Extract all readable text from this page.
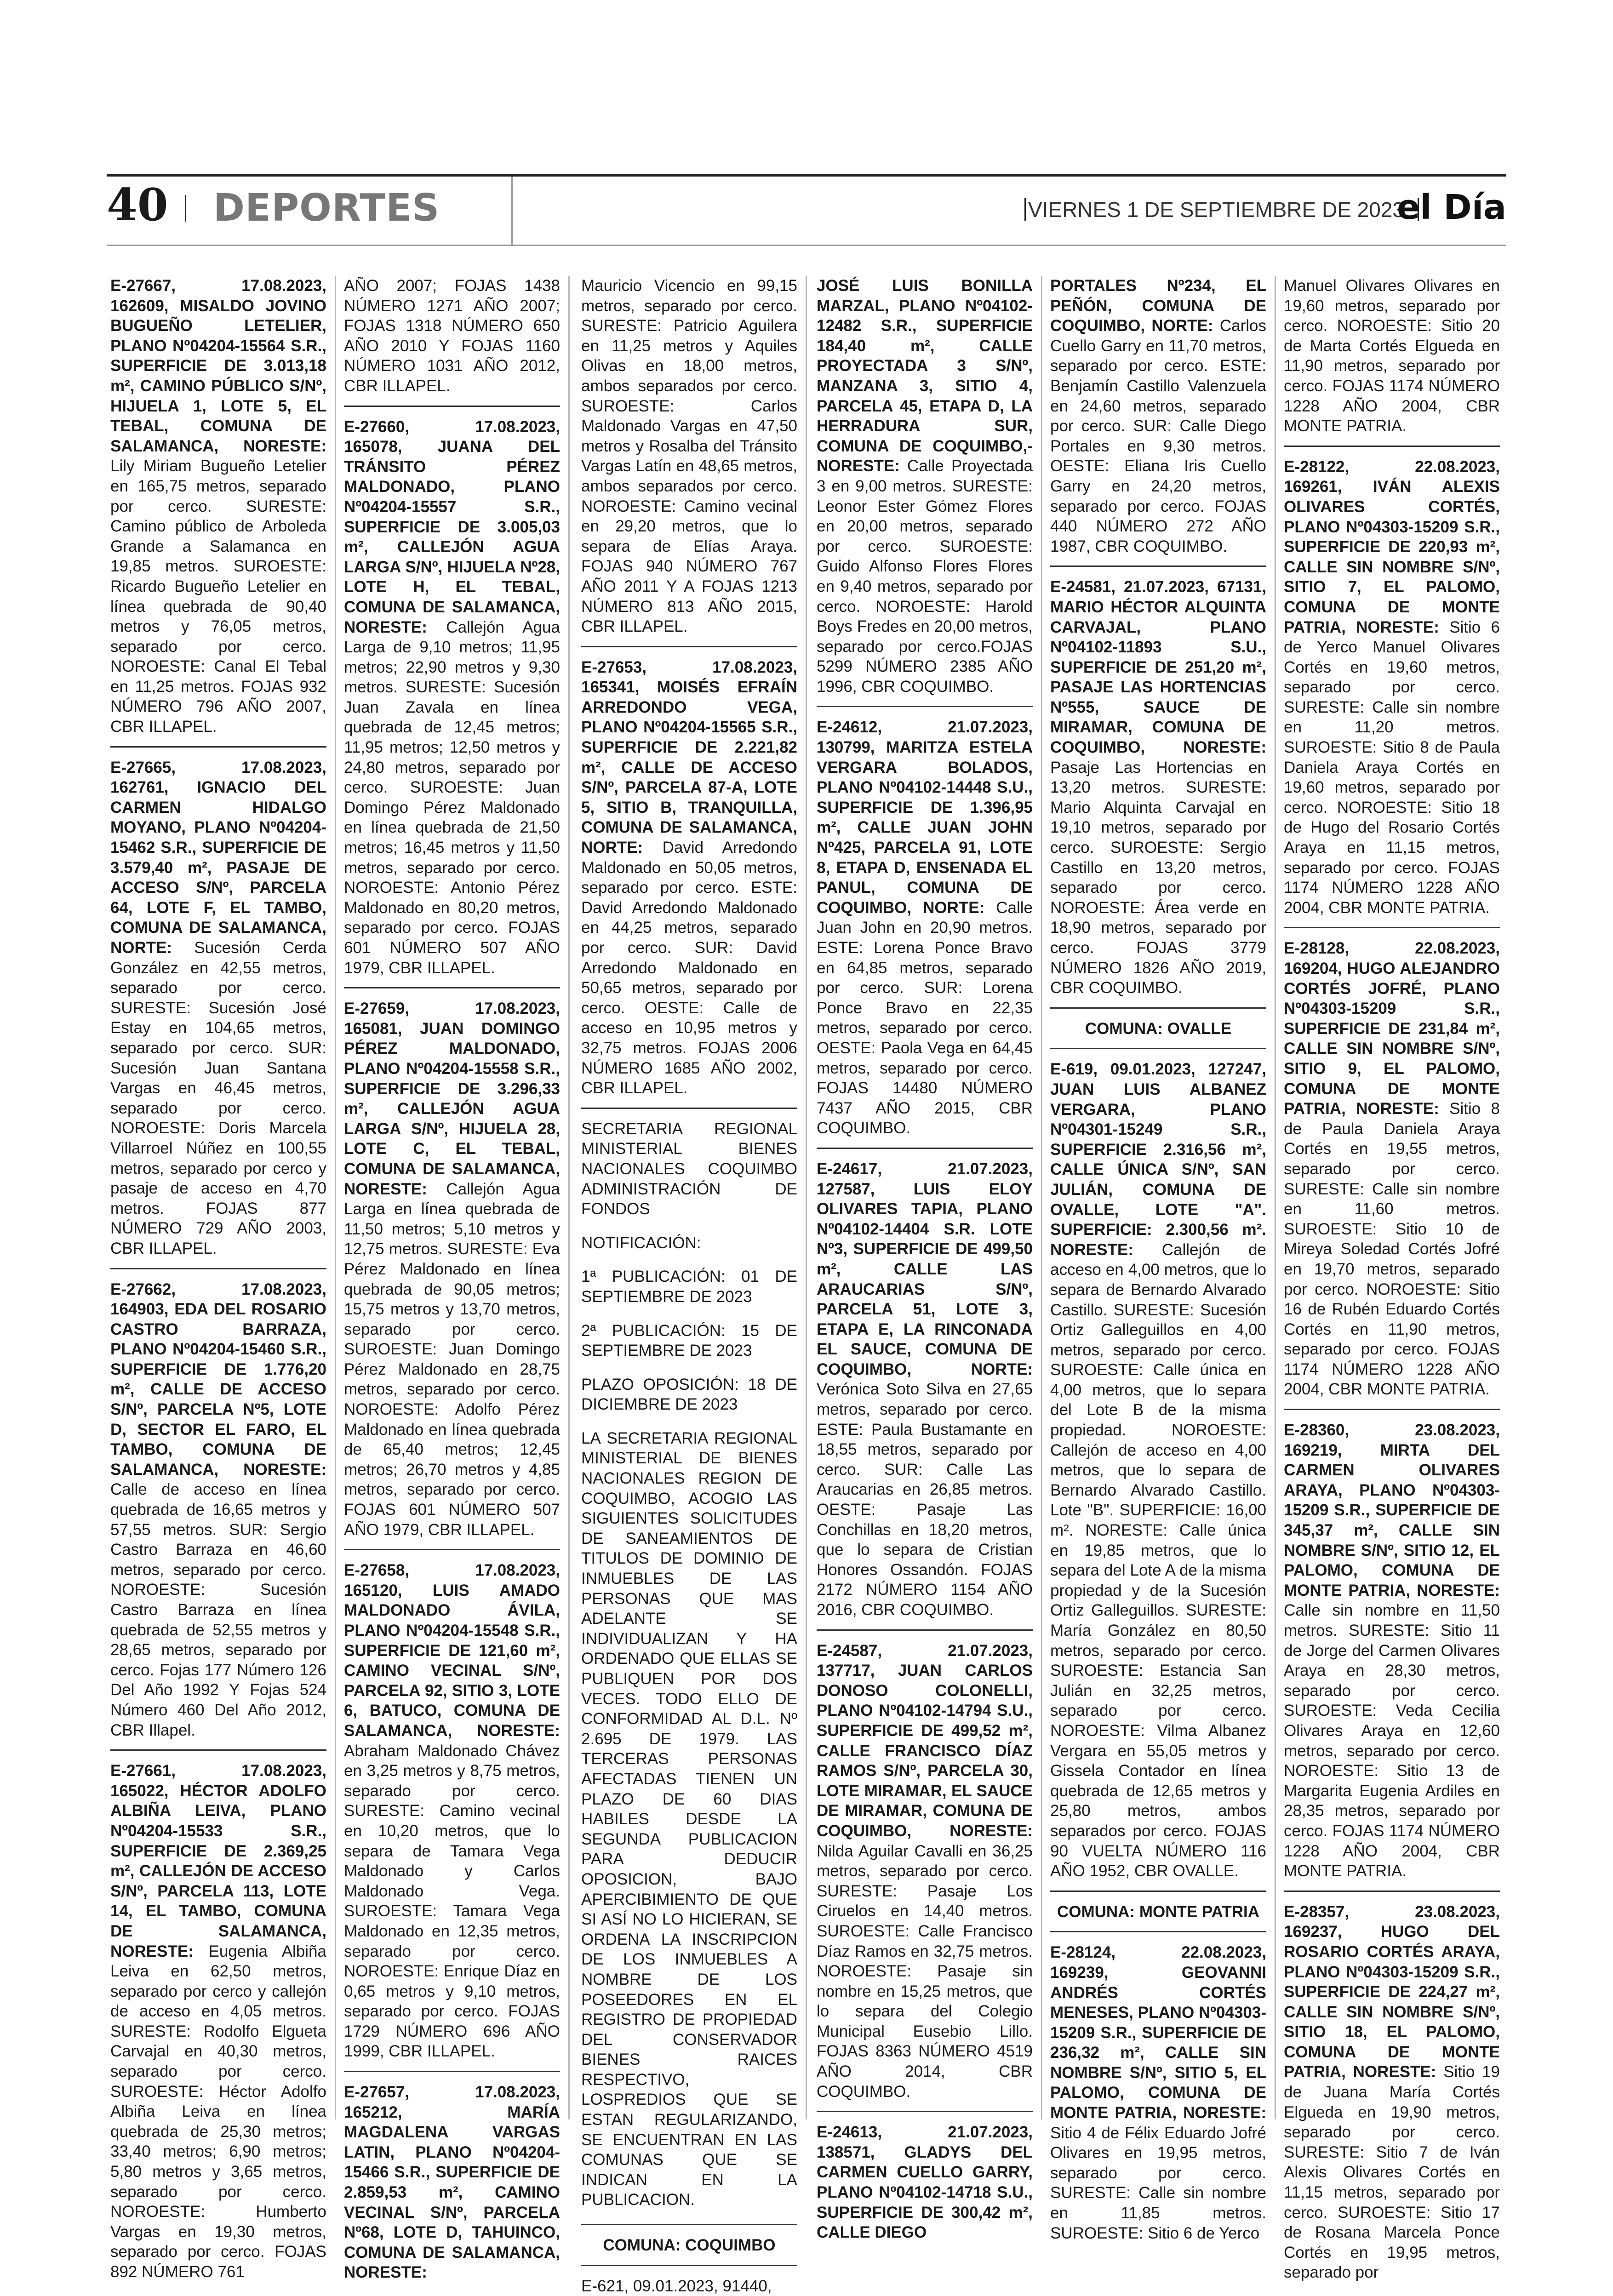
40 DEPORTES	VIERNES 1 DE SEPTIEMBRE DE 2023
el Día

E-27667, 17.08.2023, 162609, MISALDO JOVINO BUGUEÑO LETELIER, PLANO Nº04204-15564 S.R., SUPERFICIE DE 3.013,18 m², CAMINO PÚBLICO S/Nº, HIJUELA 1, LOTE 5, EL TEBAL, COMUNA DE SALAMANCA, NORESTE: Lily Miriam Bugueño Letelier en 165,75 metros, separado por cerco. SURESTE: Camino público de Arboleda Grande a Salamanca en 19,85 metros. SUROESTE: Ricardo Bugueño Letelier en línea quebrada de 90,40 metros y 76,05 metros, separado por cerco. NOROESTE: Canal El Tebal en 11,25 metros. FOJAS 932 NÚMERO 796 AÑO 2007, CBR ILLAPEL.

E-27665, 17.08.2023, 162761, IGNACIO DEL CARMEN HIDALGO MOYANO, PLANO Nº04204-15462 S.R., SUPERFICIE DE 3.579,40 m², PASAJE DE ACCESO S/Nº, PARCELA 64, LOTE F, EL TAMBO, COMUNA DE SALAMANCA, NORTE: Sucesión Cerda González en 42,55 metros, separado por cerco. SURESTE: Sucesión José Estay en 104,65 metros, separado por cerco. SUR: Sucesión Juan Santana Vargas en 46,45 metros, separado por cerco. NOROESTE: Doris Marcela Villarroel Núñez en 100,55 metros, separado por cerco y pasaje de acceso en 4,70 metros. FOJAS 877 NÚMERO 729 AÑO 2003, CBR ILLAPEL.

E-27662, 17.08.2023, 164903, EDA DEL ROSARIO CASTRO BARRAZA, PLANO Nº04204-15460 S.R., SUPERFICIE DE 1.776,20 m², CALLE DE ACCESO S/Nº, PARCELA Nº5, LOTE D, SECTOR EL FARO, EL TAMBO, COMUNA DE SALAMANCA, NORESTE: Calle de acceso en línea quebrada de 16,65 metros y 57,55 metros. SUR: Sergio Castro Barraza en 46,60 metros, separado por cerco. NOROESTE: Sucesión Castro Barraza en línea quebrada de 52,55 metros y 28,65 metros, separado por cerco. Fojas 177 Número 126 Del Año 1992 Y Fojas 524 Número 460 Del Año 2012, CBR Illapel.

E-27661, 17.08.2023, 165022, HÉCTOR ADOLFO ALBIÑA LEIVA, PLANO Nº04204-15533 S.R., SUPERFICIE DE 2.369,25 m², CALLEJÓN DE ACCESO S/Nº, PARCELA 113, LOTE 14, EL TAMBO, COMUNA DE SALAMANCA, NORESTE: Eugenia Albiña Leiva en 62,50 metros, separado por cerco y callejón de acceso en 4,05 metros. SURESTE: Rodolfo Elgueta Carvajal en 40,30 metros, separado por cerco. SUROESTE: Héctor Adolfo Albiña Leiva en línea quebrada de 25,30 metros; 33,40 metros; 6,90 metros; 5,80 metros y 3,65 metros, separado por cerco. NOROESTE: Humberto Vargas en 19,30 metros, separado por cerco. FOJAS 892 NÚMERO 761

AÑO 2007; FOJAS 1438 NÚMERO 1271 AÑO 2007; FOJAS 1318 NÚMERO 650 AÑO 2010 Y FOJAS 1160 NÚMERO 1031 AÑO 2012, CBR ILLAPEL.

E-27660, 17.08.2023, 165078, JUANA DEL TRÁNSITO PÉREZ MALDONADO, PLANO Nº04204-15557 S.R., SUPERFICIE DE 3.005,03 m², CALLEJÓN AGUA LARGA S/Nº, HIJUELA Nº28, LOTE H, EL TEBAL, COMUNA DE SALAMANCA, NORESTE: Callejón Agua Larga de 9,10 metros; 11,95 metros; 22,90 metros y 9,30 metros. SURESTE: Sucesión Juan Zavala en línea quebrada de 12,45 metros; 11,95 metros; 12,50 metros y 24,80 metros, separado por cerco. SUROESTE: Juan Domingo Pérez Maldonado en línea quebrada de 21,50 metros; 16,45 metros y 11,50 metros, separado por cerco. NOROESTE: Antonio Pérez Maldonado en 80,20 metros, separado por cerco. FOJAS 601 NÚMERO 507 AÑO 1979, CBR ILLAPEL.

E-27659, 17.08.2023, 165081, JUAN DOMINGO PÉREZ MALDONADO, PLANO Nº04204-15558 S.R., SUPERFICIE DE 3.296,33 m², CALLEJÓN AGUA LARGA S/Nº, HIJUELA 28, LOTE C, EL TEBAL, COMUNA DE SALAMANCA, NORESTE: Callejón Agua Larga en línea quebrada de 11,50 metros; 5,10 metros y 12,75 metros. SURESTE: Eva Pérez Maldonado en línea quebrada de 90,05 metros; 15,75 metros y 13,70 metros, separado por cerco. SUROESTE: Juan Domingo Pérez Maldonado en 28,75 metros, separado por cerco. NOROESTE: Adolfo Pérez Maldonado en línea quebrada de 65,40 metros; 12,45 metros; 26,70 metros y 4,85 metros, separado por cerco. FOJAS 601 NÚMERO 507 AÑO 1979, CBR ILLAPEL.

E-27658, 17.08.2023, 165120, LUIS AMADO MALDONADO ÁVILA, PLANO Nº04204-15548 S.R., SUPERFICIE DE 121,60 m², CAMINO VECINAL S/Nº, PARCELA 92, SITIO 3, LOTE 6, BATUCO, COMUNA DE SALAMANCA, NORESTE: Abraham Maldonado Chávez en 3,25 metros y 8,75 metros, separado por cerco. SURESTE: Camino vecinal en 10,20 metros, que lo separa de Tamara Vega Maldonado y Carlos Maldonado Vega. SUROESTE: Tamara Vega Maldonado en 12,35 metros, separado por cerco. NOROESTE: Enrique Díaz en 0,65 metros y 9,10 metros, separado por cerco. FOJAS 1729 NÚMERO 696 AÑO 1999, CBR ILLAPEL.

E-27657, 17.08.2023, 165212, MARÍA MAGDALENA VARGAS LATIN, PLANO Nº04204-15466 S.R., SUPERFICIE DE 2.859,53 m², CAMINO VECINAL S/Nº, PARCELA Nº68, LOTE D, TAHUINCO, COMUNA DE SALAMANCA, NORESTE:

Mauricio Vicencio en 99,15 metros, separado por cerco. SURESTE: Patricio Aguilera en 11,25 metros y Aquiles Olivas en 18,00 metros, ambos separados por cerco. SUROESTE: Carlos Maldonado Vargas en 47,50 metros y Rosalba del Tránsito Vargas Latín en 48,65 metros, ambos separados por cerco. NOROESTE: Camino vecinal en 29,20 metros, que lo separa de Elías Araya. FOJAS 940 NÚMERO 767 AÑO 2011 Y A FOJAS 1213 NÚMERO 813 AÑO 2015, CBR ILLAPEL.

E-27653, 17.08.2023, 165341, MOISÉS EFRAÍN ARREDONDO VEGA, PLANO Nº04204-15565 S.R., SUPERFICIE DE 2.221,82 m², CALLE DE ACCESO S/Nº, PARCELA 87-A, LOTE 5, SITIO B, TRANQUILLA, COMUNA DE SALAMANCA, NORTE: David Arredondo Maldonado en 50,05 metros, separado por cerco. ESTE: David Arredondo Maldonado en 44,25 metros, separado por cerco. SUR: David Arredondo Maldonado en 50,65 metros, separado por cerco. OESTE: Calle de acceso en 10,95 metros y 32,75 metros. FOJAS 2006 NÚMERO 1685 AÑO 2002, CBR ILLAPEL.

SECRETARIA REGIONAL MINISTERIAL BIENES NACIONALES COQUIMBO ADMINISTRACIÓN DE FONDOS

NOTIFICACIÓN:

1ª PUBLICACIÓN: 01 DE SEPTIEMBRE DE 2023

2ª PUBLICACIÓN: 15 DE SEPTIEMBRE DE 2023

PLAZO OPOSICIÓN: 18 DE DICIEMBRE DE 2023

LA SECRETARIA REGIONAL MINISTERIAL DE BIENES NACIONALES REGION DE COQUIMBO, ACOGIO LAS SIGUIENTES SOLICITUDES DE SANEAMIENTOS DE TITULOS DE DOMINIO DE INMUEBLES DE LAS PERSONAS QUE MAS ADELANTE SE INDIVIDUALIZAN Y HA ORDENADO QUE ELLAS SE PUBLIQUEN POR DOS VECES. TODO ELLO DE CONFORMIDAD AL D.L. Nº 2.695 DE 1979. LAS TERCERAS PERSONAS AFECTADAS TIENEN UN PLAZO DE 60 DIAS HABILES DESDE LA SEGUNDA PUBLICACION PARA DEDUCIR OPOSICION, BAJO APERCIBIMIENTO DE QUE SI ASÍ NO LO HICIERAN, SE ORDENA LA INSCRIPCION DE LOS INMUEBLES A NOMBRE DE LOS POSEEDORES EN EL REGISTRO DE PROPIEDAD DEL CONSERVADOR BIENES RAICES RESPECTIVO, LOSPREDIOS QUE SE ESTAN REGULARIZANDO, SE ENCUENTRAN EN LAS COMUNAS QUE SE INDICAN EN LA PUBLICACION.

COMUNA: COQUIMBO

E-621, 09.01.2023, 91440,

JOSÉ LUIS BONILLA MARZAL, PLANO Nº04102-12482 S.R., SUPERFICIE 184,40 m², CALLE PROYECTADA 3 S/Nº, MANZANA 3, SITIO 4, PARCELA 45, ETAPA D, LA HERRADURA SUR, COMUNA DE COQUIMBO,- NORESTE: Calle Proyectada 3 en 9,00 metros. SURESTE: Leonor Ester Gómez Flores en 20,00 metros, separado por cerco. SUROESTE: Guido Alfonso Flores Flores en 9,40 metros, separado por cerco. NOROESTE: Harold Boys Fredes en 20,00 metros, separado por cerco.FOJAS 5299 NÚMERO 2385 AÑO 1996, CBR COQUIMBO.

E-24612, 21.07.2023, 130799, MARITZA ESTELA VERGARA BOLADOS, PLANO Nº04102-14448 S.U., SUPERFICIE DE 1.396,95 m², CALLE JUAN JOHN Nº425, PARCELA 91, LOTE 8, ETAPA D, ENSENADA EL PANUL, COMUNA DE COQUIMBO, NORTE: Calle Juan John en 20,90 metros. ESTE: Lorena Ponce Bravo en 64,85 metros, separado por cerco. SUR: Lorena Ponce Bravo en 22,35 metros, separado por cerco. OESTE: Paola Vega en 64,45 metros, separado por cerco. FOJAS 14480 NÚMERO 7437 AÑO 2015, CBR COQUIMBO.

E-24617, 21.07.2023, 127587, LUIS ELOY OLIVARES TAPIA, PLANO Nº04102-14404 S.R. LOTE Nº3, SUPERFICIE DE 499,50 m², CALLE LAS ARAUCARIAS S/Nº, PARCELA 51, LOTE 3, ETAPA E, LA RINCONADA EL SAUCE, COMUNA DE COQUIMBO, NORTE: Verónica Soto Silva en 27,65 metros, separado por cerco. ESTE: Paula Bustamante en 18,55 metros, separado por cerco. SUR: Calle Las Araucarias en 26,85 metros. OESTE: Pasaje Las Conchillas en 18,20 metros, que lo separa de Cristian Honores Ossandón. FOJAS 2172 NÚMERO 1154 AÑO 2016, CBR COQUIMBO.

E-24587, 21.07.2023, 137717, JUAN CARLOS DONOSO COLONELLI, PLANO Nº04102-14794 S.U., SUPERFICIE DE 499,52 m², CALLE FRANCISCO DÍAZ RAMOS S/Nº, PARCELA 30, LOTE MIRAMAR, EL SAUCE DE MIRAMAR, COMUNA DE COQUIMBO, NORESTE: Nilda Aguilar Cavalli en 36,25 metros, separado por cerco. SURESTE: Pasaje Los Ciruelos en 14,40 metros. SUROESTE: Calle Francisco Díaz Ramos en 32,75 metros. NOROESTE: Pasaje sin nombre en 15,25 metros, que lo separa del Colegio Municipal Eusebio Lillo. FOJAS 8363 NÚMERO 4519 AÑO 2014, CBR COQUIMBO.

E-24613, 21.07.2023, 138571, GLADYS DEL CARMEN CUELLO GARRY, PLANO Nº04102-14718 S.U., SUPERFICIE DE 300,42 m², CALLE DIEGO

PORTALES Nº234, EL PEÑÓN, COMUNA DE COQUIMBO, NORTE: Carlos Cuello Garry en 11,70 metros, separado por cerco. ESTE: Benjamín Castillo Valenzuela en 24,60 metros, separado por cerco. SUR: Calle Diego Portales en 9,30 metros. OESTE: Eliana Iris Cuello Garry en 24,20 metros, separado por cerco. FOJAS 440 NÚMERO 272 AÑO 1987, CBR COQUIMBO.

E-24581, 21.07.2023, 67131, MARIO HÉCTOR ALQUINTA CARVAJAL, PLANO Nº04102-11893 S.U., SUPERFICIE DE 251,20 m², PASAJE LAS HORTENCIAS Nº555, SAUCE DE MIRAMAR, COMUNA DE COQUIMBO, NORESTE: Pasaje Las Hortencias en 13,20 metros. SURESTE: Mario Alquinta Carvajal en 19,10 metros, separado por cerco. SUROESTE: Sergio Castillo en 13,20 metros, separado por cerco. NOROESTE: Área verde en 18,90 metros, separado por cerco. FOJAS 3779 NÚMERO 1826 AÑO 2019, CBR COQUIMBO.

COMUNA: OVALLE

E-619, 09.01.2023, 127247, JUAN LUIS ALBANEZ VERGARA, PLANO Nº04301-15249 S.R., SUPERFICIE 2.316,56 m², CALLE ÚNICA S/Nº, SAN JULIÁN, COMUNA DE OVALLE, LOTE "A". SUPERFICIE: 2.300,56 m². NORESTE: Callejón de acceso en 4,00 metros, que lo separa de Bernardo Alvarado Castillo. SURESTE: Sucesión Ortiz Galleguillos en 4,00 metros, separado por cerco. SUROESTE: Calle única en 4,00 metros, que lo separa del Lote B de la misma propiedad. NOROESTE: Callejón de acceso en 4,00 metros, que lo separa de Bernardo Alvarado Castillo. Lote "B". SUPERFICIE: 16,00 m². NORESTE: Calle única en 19,85 metros, que lo separa del Lote A de la misma propiedad y de la Sucesión Ortiz Galleguillos. SURESTE: María González en 80,50 metros, separado por cerco. SUROESTE: Estancia San Julián en 32,25 metros, separado por cerco. NOROESTE: Vilma Albanez Vergara en 55,05 metros y Gissela Contador en línea quebrada de 12,65 metros y 25,80 metros, ambos separados por cerco. FOJAS 90 VUELTA NÚMERO 116 AÑO 1952, CBR OVALLE.

COMUNA: MONTE PATRIA

E-28124, 22.08.2023, 169239, GEOVANNI ANDRÉS CORTÉS MENESES, PLANO Nº04303-15209 S.R., SUPERFICIE DE 236,32 m², CALLE SIN NOMBRE S/Nº, SITIO 5, EL PALOMO, COMUNA DE MONTE PATRIA, NORESTE: Sitio 4 de Félix Eduardo Jofré Olivares en 19,95 metros, separado por cerco. SURESTE: Calle sin nombre en 11,85 metros. SUROESTE: Sitio 6 de Yerco

Manuel Olivares Olivares en 19,60 metros, separado por cerco. NOROESTE: Sitio 20 de Marta Cortés Elgueda en 11,90 metros, separado por cerco. FOJAS 1174 NÚMERO 1228 AÑO 2004, CBR MONTE PATRIA.

E-28122, 22.08.2023, 169261, IVÁN ALEXIS OLIVARES CORTÉS, PLANO Nº04303-15209 S.R., SUPERFICIE DE 220,93 m², CALLE SIN NOMBRE S/Nº, SITIO 7, EL PALOMO, COMUNA DE MONTE PATRIA, NORESTE: Sitio 6 de Yerco Manuel Olivares Cortés en 19,60 metros, separado por cerco. SURESTE: Calle sin nombre en 11,20 metros. SUROESTE: Sitio 8 de Paula Daniela Araya Cortés en 19,60 metros, separado por cerco. NOROESTE: Sitio 18 de Hugo del Rosario Cortés Araya en 11,15 metros, separado por cerco. FOJAS 1174 NÚMERO 1228 AÑO 2004, CBR MONTE PATRIA.

E-28128, 22.08.2023, 169204, HUGO ALEJANDRO CORTÉS JOFRÉ, PLANO Nº04303-15209 S.R., SUPERFICIE DE 231,84 m², CALLE SIN NOMBRE S/Nº, SITIO 9, EL PALOMO, COMUNA DE MONTE PATRIA, NORESTE: Sitio 8 de Paula Daniela Araya Cortés en 19,55 metros, separado por cerco. SURESTE: Calle sin nombre en 11,60 metros. SUROESTE: Sitio 10 de Mireya Soledad Cortés Jofré en 19,70 metros, separado por cerco. NOROESTE: Sitio 16 de Rubén Eduardo Cortés Cortés en 11,90 metros, separado por cerco. FOJAS 1174 NÚMERO 1228 AÑO 2004, CBR MONTE PATRIA.

E-28360, 23.08.2023, 169219, MIRTA DEL CARMEN OLIVARES ARAYA, PLANO Nº04303-15209 S.R., SUPERFICIE DE 345,37 m², CALLE SIN NOMBRE S/Nº, SITIO 12, EL PALOMO, COMUNA DE MONTE PATRIA, NORESTE: Calle sin nombre en 11,50 metros. SURESTE: Sitio 11 de Jorge del Carmen Olivares Araya en 28,30 metros, separado por cerco. SUROESTE: Veda Cecilia Olivares Araya en 12,60 metros, separado por cerco. NOROESTE: Sitio 13 de Margarita Eugenia Ardiles en 28,35 metros, separado por cerco. FOJAS 1174 NÚMERO 1228 AÑO 2004, CBR MONTE PATRIA.

E-28357, 23.08.2023, 169237, HUGO DEL ROSARIO CORTÉS ARAYA, PLANO Nº04303-15209 S.R., SUPERFICIE DE 224,27 m², CALLE SIN NOMBRE S/Nº, SITIO 18, EL PALOMO, COMUNA DE MONTE PATRIA, NORESTE: Sitio 19 de Juana María Cortés Elgueda en 19,90 metros, separado por cerco. SURESTE: Sitio 7 de Iván Alexis Olivares Cortés en 11,15 metros, separado por cerco. SUROESTE: Sitio 17 de Rosana Marcela Ponce Cortés en 19,95 metros, separado por
